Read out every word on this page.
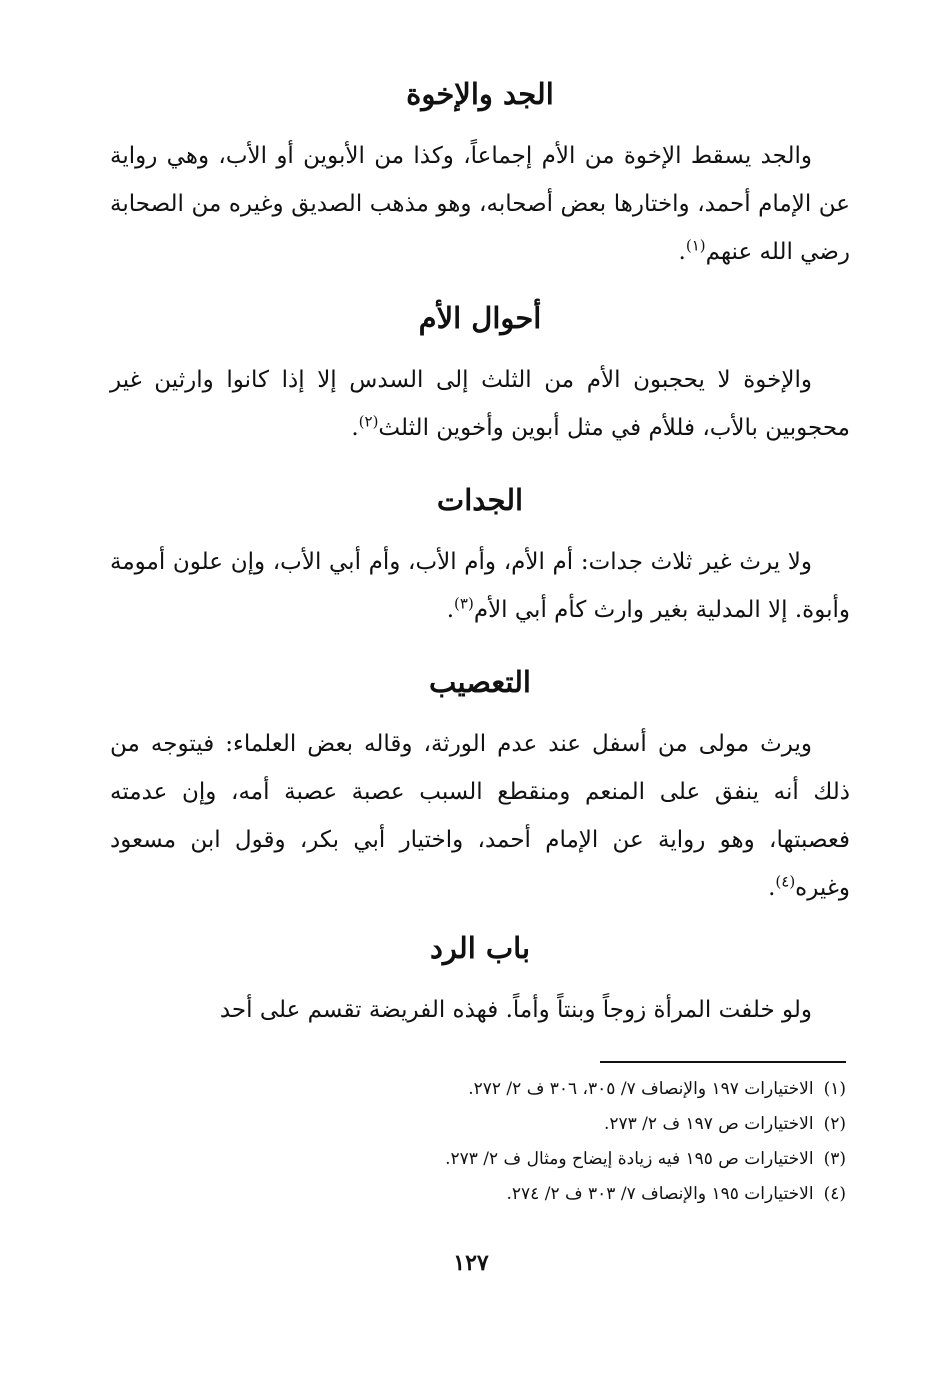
الجد والإخوة

والجد يسقط الإخوة من الأم إجماعاً، وكذا من الأبوين أو الأب، وهي رواية عن الإمام أحمد، واختارها بعض أصحابه، وهو مذهب الصديق وغيره من الصحابة رضي الله عنهم$^{(١)}$.

أحوال الأم

والإخوة لا يحجبون الأم من الثلث إلى السدس إلا إذا كانوا وارثين غير محجوبين بالأب، فللأم في مثل أبوين وأخوين الثلث$^{(٢)}$.

الجدات

ولا يرث غير ثلاث جدات: أم الأم، وأم الأب، وأم أبي الأب، وإن علون أمومة وأبوة. إلا المدلية بغير وارث كأم أبي الأم$^{(٣)}$.

التعصيب

ويرث مولى من أسفل عند عدم الورثة، وقاله بعض العلماء: فيتوجه من ذلك أنه ينفق على المنعم ومنقطع السبب عصبة عصبة أمه، وإن عدمته فعصبتها، وهو رواية عن الإمام أحمد، واختيار أبي بكر، وقول ابن مسعود وغيره$^{(٤)}$.

باب الرد

ولو خلفت المرأة زوجاً وبنتاً وأماً. فهذه الفريضة تقسم على أحد

(١)الاختيارات ١٩٧ والإنصاف ٧/ ٣٠٥، ٣٠٦ ف ٢/ ٢٧٢.
(٢)الاختيارات ص ١٩٧ ف ٢/ ٢٧٣.
(٣)الاختيارات ص ١٩٥ فيه زيادة إيضاح ومثال ف ٢/ ٢٧٣.
(٤)الاختيارات ١٩٥ والإنصاف ٧/ ٣٠٣ ف ٢/ ٢٧٤.
١٢٧
